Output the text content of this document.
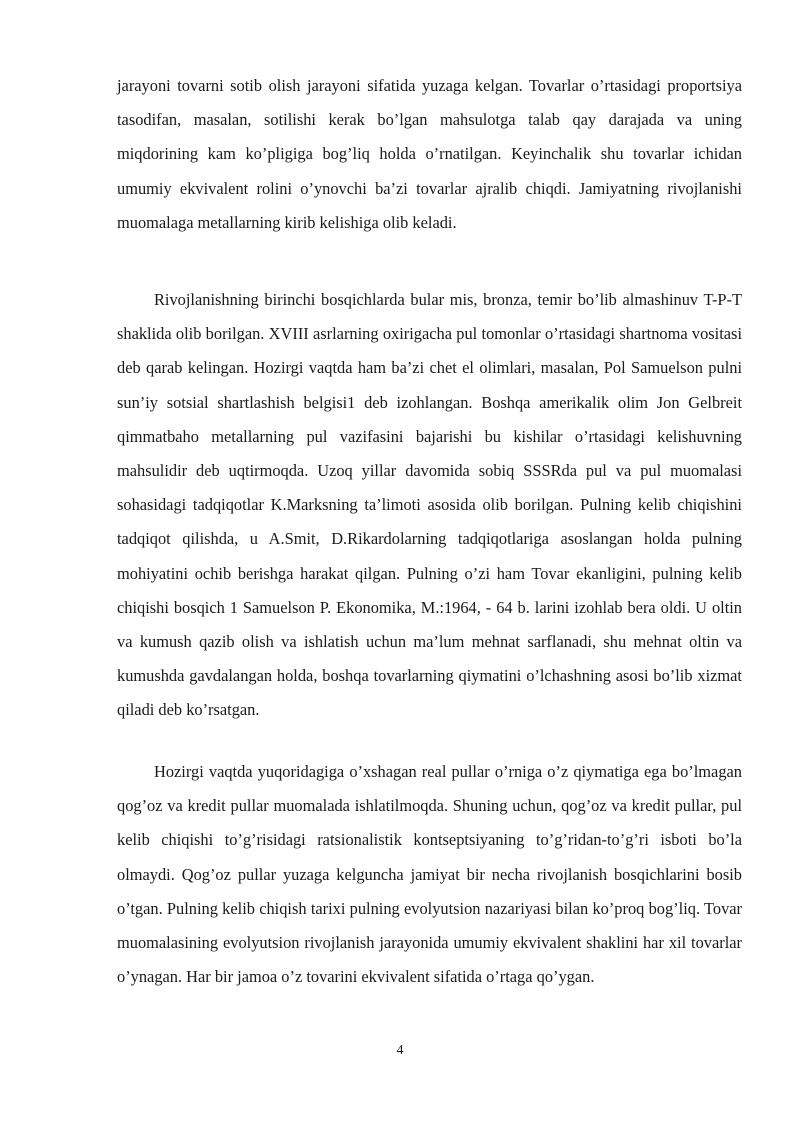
jarayoni tovarni sotib olish jarayoni sifatida yuzaga kelgan. Tovarlar o’rtasidagi proportsiya tasodifan, masalan, sotilishi kerak bo’lgan mahsulotga talab qay darajada va uning miqdorining kam ko’pligiga bog’liq holda o’rnatilgan. Keyinchalik shu tovarlar ichidan umumiy ekvivalent rolini o’ynovchi ba’zi tovarlar ajralib chiqdi. Jamiyatning rivojlanishi muomalaga metallarning kirib kelishiga olib keladi.

Rivojlanishning birinchi bosqichlarda bular mis, bronza, temir bo’lib almashinuv T-P-T shaklida olib borilgan. XVIII asrlarning oxirigacha pul tomonlar o’rtasidagi shartnoma vositasi deb qarab kelingan. Hozirgi vaqtda ham ba’zi chet el olimlari, masalan, Pol Samuelson pulni sun’iy sotsial shartlashish belgisi1 deb izohlangan. Boshqa amerikalik olim Jon Gelbreit qimmatbaho metallarning pul vazifasini bajarishi bu kishilar o’rtasidagi kelishuvning mahsulidir deb uqtirmoqda. Uzoq yillar davomida sobiq SSSRda pul va pul muomalasi sohasidagi tadqiqotlar K.Marksning ta’limoti asosida olib borilgan. Pulning kelib chiqishini tadqiqot qilishda, u A.Smit, D.Rikardolarning tadqiqotlariga asoslangan holda pulning mohiyatini ochib berishga harakat qilgan. Pulning o’zi ham Tovar ekanligini, pulning kelib chiqishi bosqich 1 Samuelson P. Ekonomika, M.:1964, - 64 b. larini izohlab bera oldi. U oltin va kumush qazib olish va ishlatish uchun ma’lum mehnat sarflanadi, shu mehnat oltin va kumushda gavdalangan holda, boshqa tovarlarning qiymatini o’lchashning asosi bo’lib xizmat qiladi deb ko’rsatgan.

Hozirgi vaqtda yuqoridagiga o’xshagan real pullar o’rniga o’z qiymatiga ega bo’lmagan qog’oz va kredit pullar muomalada ishlatilmoqda. Shuning uchun, qog’oz va kredit pullar, pul kelib chiqishi to’g’risidagi ratsionalistik kontseptsiyaning to’g’ridan-to’g’ri isboti bo’la olmaydi. Qog’oz pullar yuzaga kelguncha jamiyat bir necha rivojlanish bosqichlarini bosib o’tgan. Pulning kelib chiqish tarixi pulning evolyutsion nazariyasi bilan ko’proq bog’liq. Tovar muomalasining evolyutsion rivojlanish jarayonida umumiy ekvivalent shaklini har xil tovarlar o’ynagan. Har bir jamoa o’z tovarini ekvivalent sifatida o’rtaga qo’ygan.

4
